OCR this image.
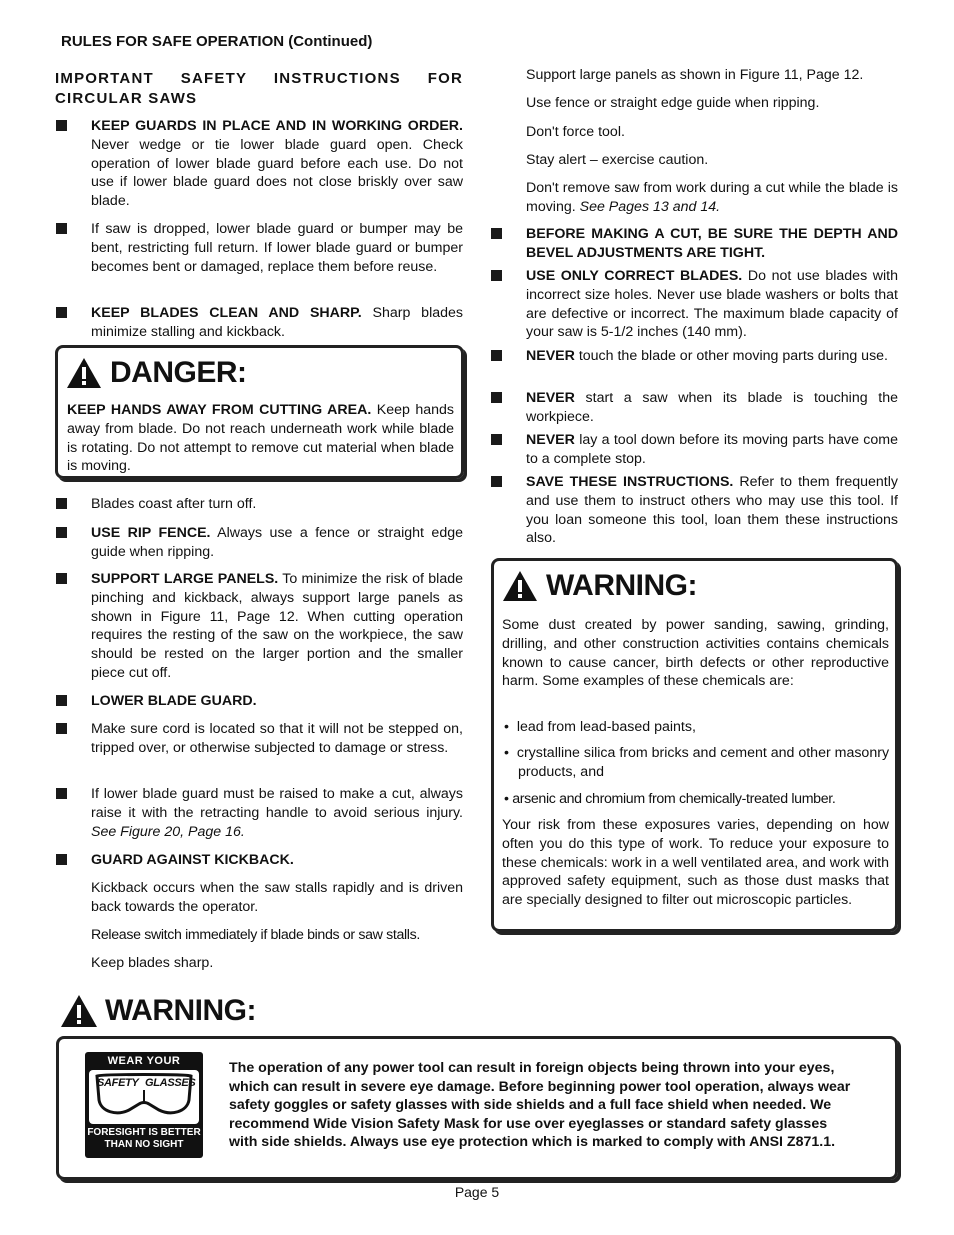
RULES FOR SAFE OPERATION (Continued)
IMPORTANT SAFETY INSTRUCTIONS FOR CIRCULAR SAWS
KEEP GUARDS IN PLACE AND IN WORKING ORDER. Never wedge or tie lower blade guard open. Check operation of lower blade guard before each use. Do not use if lower blade guard does not close briskly over saw blade.
If saw is dropped, lower blade guard or bumper may be bent, restricting full return. If lower blade guard or bumper becomes bent or damaged, replace them before reuse.
KEEP BLADES CLEAN AND SHARP. Sharp blades minimize stalling and kickback.
DANGER:
KEEP HANDS AWAY FROM CUTTING AREA. Keep hands away from blade. Do not reach underneath work while blade is rotating. Do not attempt to remove cut material when blade is moving.
Blades coast after turn off.
USE RIP FENCE. Always use a fence or straight edge guide when ripping.
SUPPORT LARGE PANELS. To minimize the risk of blade pinching and kickback, always support large panels as shown in Figure 11, Page 12. When cutting operation requires the resting of the saw on the workpiece, the saw should be rested on the larger portion and the smaller piece cut off.
LOWER BLADE GUARD.
Make sure cord is located so that it will not be stepped on, tripped over, or otherwise subjected to damage or stress.
If lower blade guard must be raised to make a cut, always raise it with the retracting handle to avoid serious injury. See Figure 20, Page 16.
GUARD AGAINST KICKBACK.
Kickback occurs when the saw stalls rapidly and is driven back towards the operator.
Release switch immediately if blade binds or saw stalls.
Keep blades sharp.
Support large panels as shown in Figure 11, Page 12.
Use fence or straight edge guide when ripping.
Don't force tool.
Stay alert – exercise caution.
Don't remove saw from work during a cut while the blade is moving. See Pages 13 and 14.
BEFORE MAKING A CUT, BE SURE THE DEPTH AND BEVEL ADJUSTMENTS ARE TIGHT.
USE ONLY CORRECT BLADES. Do not use blades with incorrect size holes. Never use blade washers or bolts that are defective or incorrect. The maximum blade capacity of your saw is 5-1/2 inches (140 mm).
NEVER touch the blade or other moving parts during use.
NEVER start a saw when its blade is touching the workpiece.
NEVER lay a tool down before its moving parts have come to a complete stop.
SAVE THESE INSTRUCTIONS. Refer to them frequently and use them to instruct others who may use this tool. If you loan someone this tool, loan them these instructions also.
WARNING:
Some dust created by power sanding, sawing, grinding, drilling, and other construction activities contains chemicals known to cause cancer, birth defects or other reproductive harm. Some examples of these chemicals are:
•  lead from lead-based paints,
•  crystalline silica from bricks and cement and other masonry products, and
• arsenic and chromium from chemically-treated lumber.
Your risk from these exposures varies, depending on how often you do this type of work. To reduce your exposure to these chemicals: work in a well ventilated area, and work with approved safety equipment, such as those dust masks that are specially designed to filter out microscopic particles.
WARNING:
WEAR YOUR
SAFETY GLASSES
FORESIGHT IS BETTER
THAN NO SIGHT
The operation of any power tool can result in foreign objects being thrown into your eyes, which can result in severe eye damage. Before beginning power tool operation, always wear safety goggles or safety glasses with side shields and a full face shield when needed. We recommend Wide Vision Safety Mask for use over eyeglasses or standard safety glasses with side shields. Always use eye protection which is marked to comply with ANSI Z871.1.
Page 5
